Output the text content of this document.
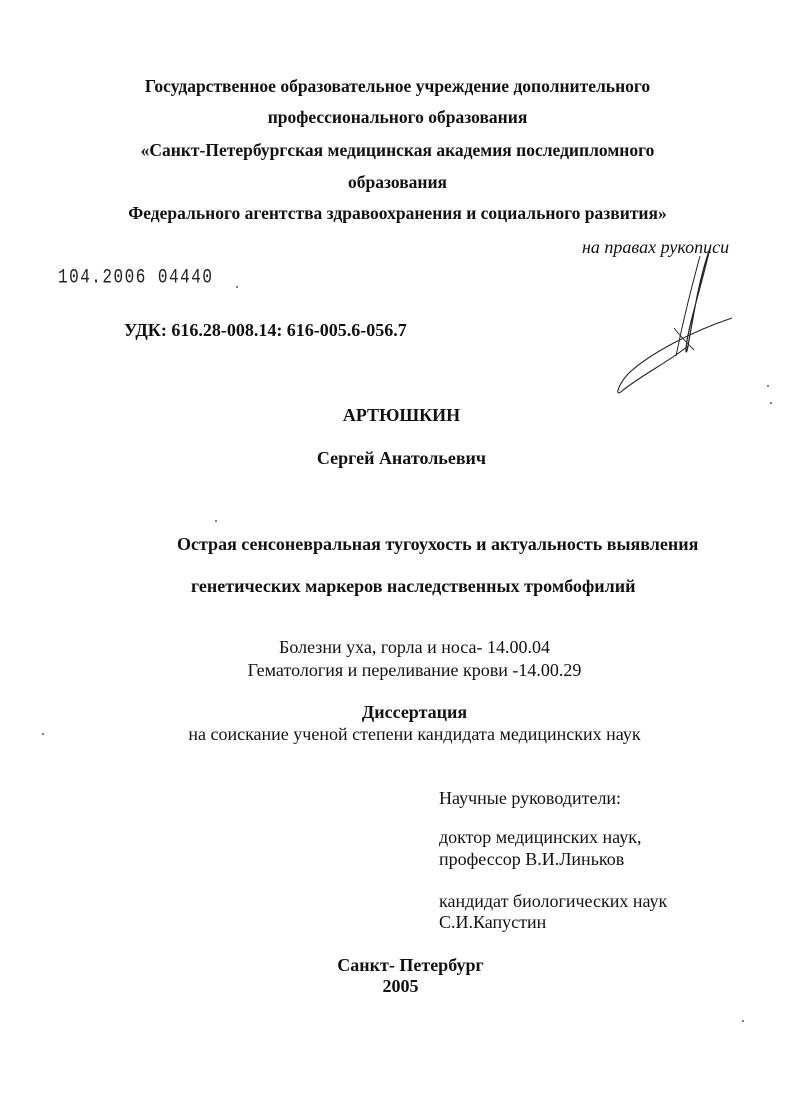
Государственное образовательное учреждение дополнительного
профессионального образования
«Санкт-Петербургская медицинская академия последипломного
образования
Федерального агентства здравоохранения и социального развития»
на правах рукописи
104.2006 04440
УДК: 616.28-008.14: 616-005.6-056.7
АРТЮШКИН
Сергей Анатольевич
Острая сенсоневральная тугоухость и актуальность выявления
генетических маркеров наследственных тромбофилий
Болезни уха, горла и носа- 14.00.04
Гематология и переливание крови -14.00.29
Диссертация
на соискание ученой степени кандидата медицинских наук
Научные руководители:
доктор медицинских наук,
профессор В.И.Линьков
кандидат биологических наук
С.И.Капустин
Санкт- Петербург
2005
